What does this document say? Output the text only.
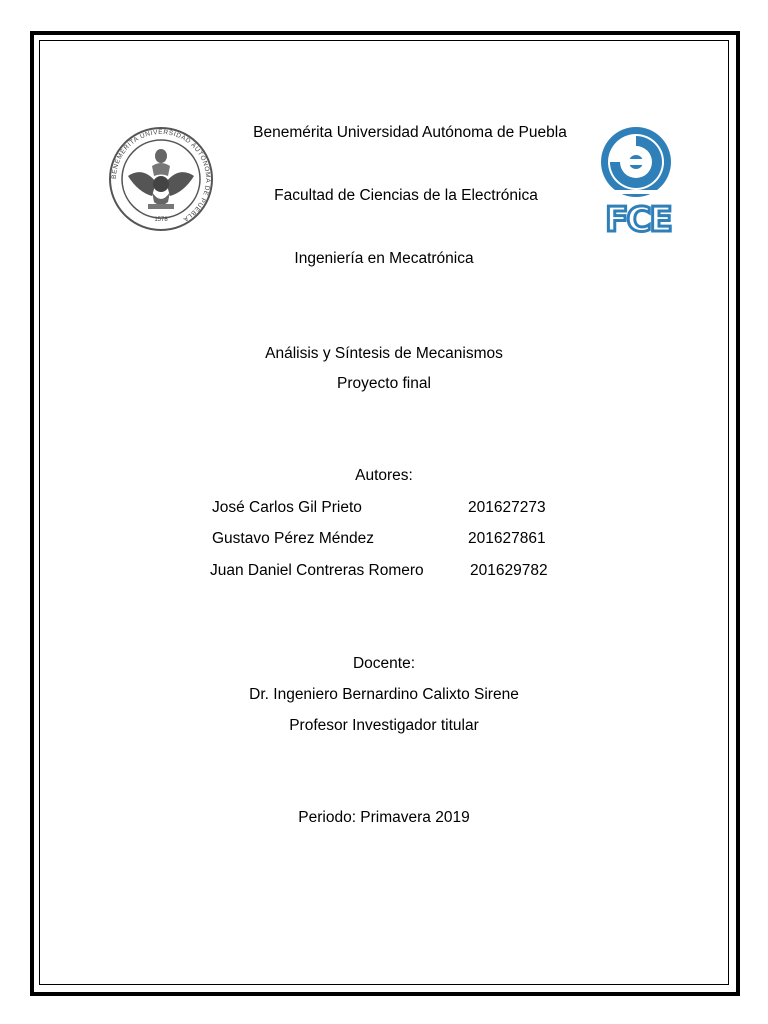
BENEMÉRITA UNIVERSIDAD AUTÓNOMA DE PUEBLA
1578	FCE
Benemérita Universidad Autónoma de Puebla
Facultad de Ciencias de la Electrónica
Ingeniería en Mecatrónica
Análisis y Síntesis de Mecanismos
Proyecto final
Autores:
José Carlos Gil Prieto	201627273
Gustavo Pérez Méndez	201627861
Juan Daniel Contreras Romero	201629782
Docente:
Dr. Ingeniero Bernardino Calixto Sirene
Profesor Investigador titular
Periodo: Primavera 2019
